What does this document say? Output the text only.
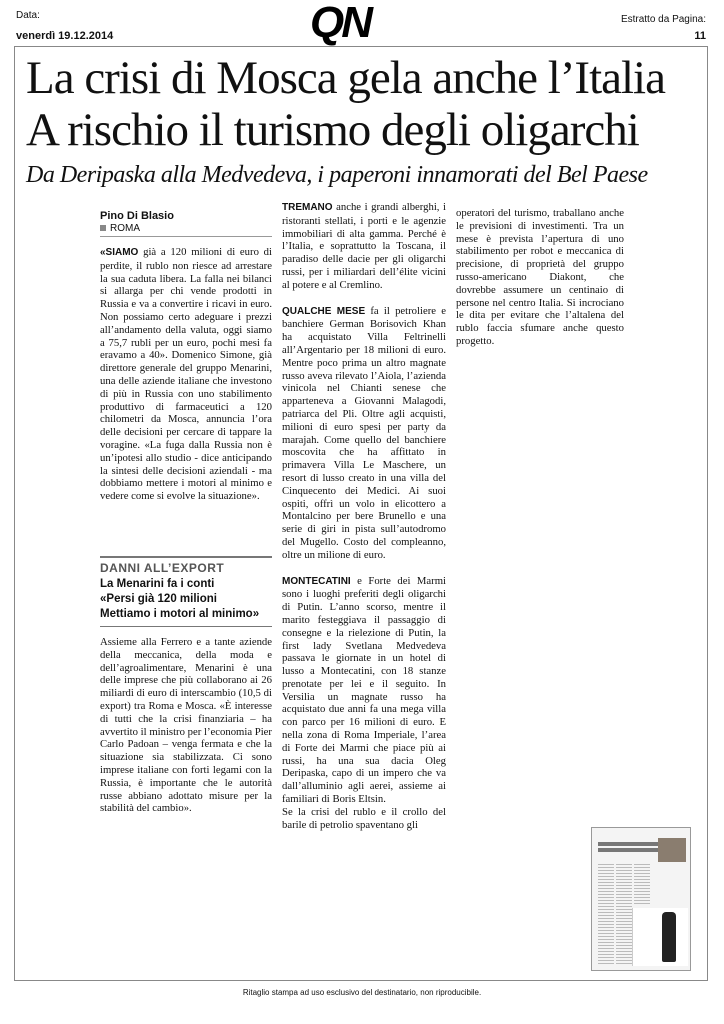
Data:
venerdì 19.12.2014
Estratto da Pagina:
11
QN
La crisi di Mosca gela anche l’Italia
A rischio il turismo degli oligarchi
Da Deripaska alla Medvedeva, i paperoni innamorati del Bel Paese
Pino Di Blasio
ROMA

«SIAMO già a 120 milioni di euro di perdite, il rublo non riesce ad arrestare la sua caduta libera. La falla nei bilanci si allarga per chi vende prodotti in Russia e va a convertire i ricavi in euro. Non possiamo certo adeguare i prezzi all’andamento della valuta, oggi siamo a 75,7 rubli per un euro, pochi mesi fa eravamo a 40». Domenico Simone, già direttore generale del gruppo Menarini, una delle aziende italiane che investono di più in Russia con uno stabilimento produttivo di farmaceutici a 120 chilometri da Mosca, annuncia l’ora delle decisioni per cercare di tappare la voragine. «La fuga dalla Russia non è un’ipotesi allo studio - dice anticipando la sintesi delle decisioni aziendali - ma dobbiamo mettere i motori al minimo e vedere come si evolve la situazione».

DANNI ALL’EXPORT
La Menarini fa i conti
«Persi già 120 milioni
Mettiamo i motori al minimo»

Assieme alla Ferrero e a tante aziende della meccanica, della moda e dell’agroalimentare, Menarini è una delle imprese che più collaborano ai 26 miliardi di euro di interscambio (10,5 di export) tra Roma e Mosca. «È interesse di tutti che la crisi finanziaria – ha avvertito il ministro per l’economia Pier Carlo Padoan – venga fermata e che la situazione sia stabilizzata. Ci sono imprese italiane con forti legami con la Russia, è importante che le autorità russe abbiano adottato misure per la stabilità del cambio».

TREMANO anche i grandi alberghi, i ristoranti stellati, i porti e le agenzie immobiliari di alta gamma. Perché è l’Italia, e soprattutto la Toscana, il paradiso delle dacie per gli oligarchi russi, per i miliardari dell’élite vicini al potere e al Cremlino.

QUALCHE MESE fa il petroliere e banchiere German Borisovich Khan ha acquistato Villa Feltrinelli all’Argentario per 18 milioni di euro. Mentre poco prima un altro magnate russo aveva rilevato l’Aiola, l’azienda vinicola nel Chianti senese che apparteneva a Giovanni Malagodi, patriarca del Pli. Oltre agli acquisti, milioni di euro spesi per party da marajah. Come quello del banchiere moscovita che ha affittato in primavera Villa Le Maschere, un resort di lusso creato in una villa del Cinquecento dei Medici. Ai suoi ospiti, offrì un volo in elicottero a Montalcino per bere Brunello e una serie di giri in pista sull’autodromo del Mugello. Costo del compleanno, oltre un milione di euro.

MONTECATINI e Forte dei Marmi sono i luoghi preferiti degli oligarchi di Putin. L’anno scorso, mentre il marito festeggiava il passaggio di consegne e la rielezione di Putin, la first lady Svetlana Medvedeva passava le giornate in un hotel di lusso a Montecatini, con 18 stanze prenotate per lei e il seguito. In Versilia un magnate russo ha acquistato due anni fa una mega villa con parco per 16 milioni di euro. E nella zona di Roma Imperiale, l’area di Forte dei Marmi che piace più ai russi, ha una sua dacia Oleg Deripaska, capo di un impero che va dall’alluminio agli aerei, assieme ai familiari di Boris Eltsin.

Se la crisi del rublo e il crollo del barile di petrolio spaventano gli

operatori del turismo, traballano anche le previsioni di investimenti. Tra un mese è prevista l’apertura di uno stabilimento per robot e meccanica di precisione, di proprietà del gruppo russo-americano Diakont, che dovrebbe assumere un centinaio di persone nel centro Italia. Si incrociano le dita per evitare che l’altalena del rublo faccia sfumare anche questo progetto.

Ritaglio stampa ad uso esclusivo del destinatario, non riproducibile.
